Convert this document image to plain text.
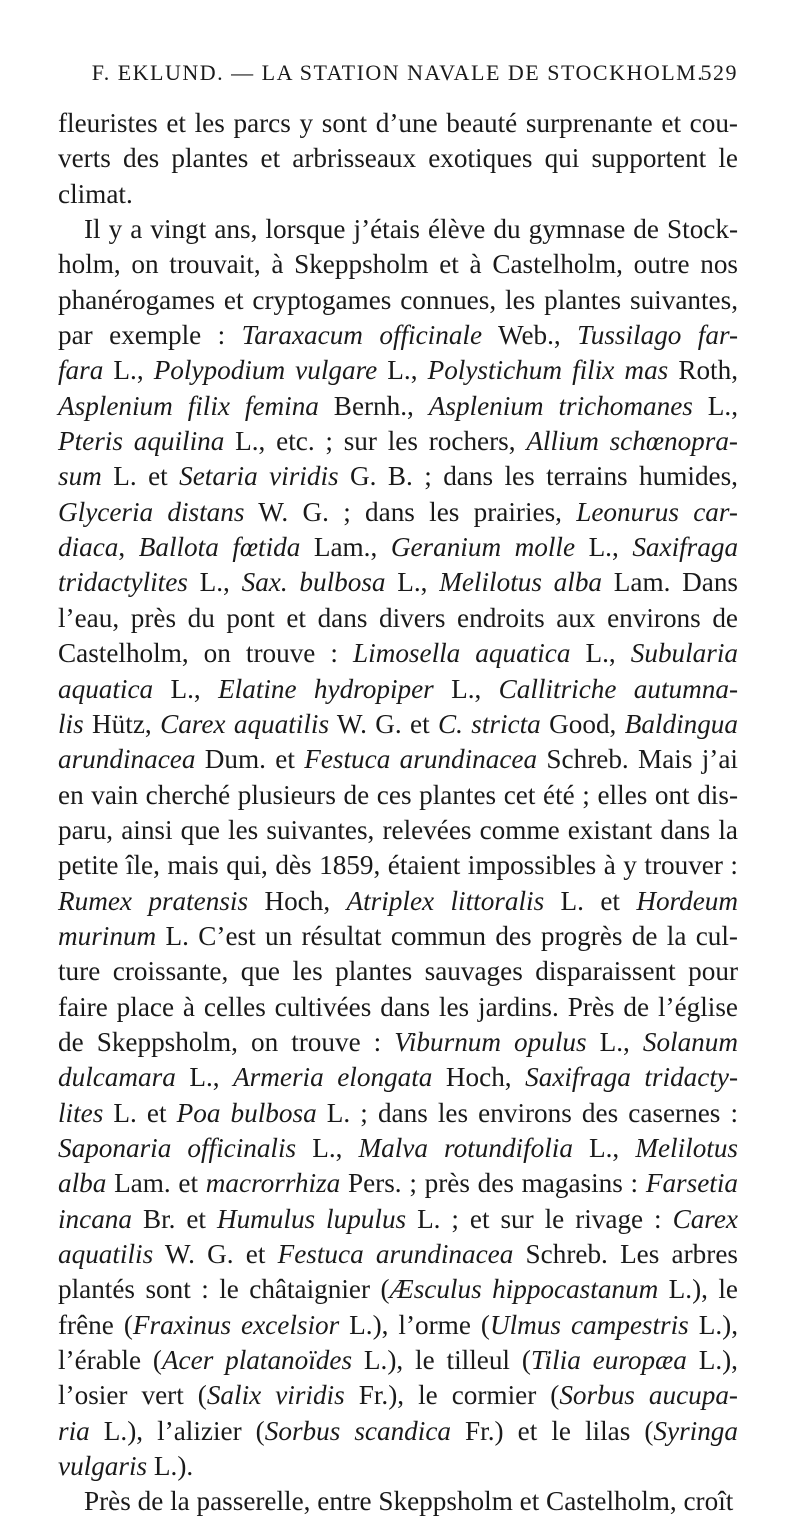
F. EKLUND. — LA STATION NAVALE DE STOCKHOLM.
529
fleuristes et les parcs y sont d’une beauté surprenante et cou-
verts des plantes et arbrisseaux exotiques qui supportent le
climat.
Il y a vingt ans, lorsque j’étais élève du gymnase de Stock-
holm, on trouvait, à Skeppsholm et à Castelholm, outre nos
phanérogames et cryptogames connues, les plantes suivantes,
par exemple : Taraxacum officinale Web., Tussilago far-
fara L., Polypodium vulgare L., Polystichum filix mas Roth,
Asplenium filix femina Bernh., Asplenium trichomanes L.,
Pteris aquilina L., etc. ; sur les rochers, Allium schœnopra-
sum L. et Setaria viridis G. B. ; dans les terrains humides,
Glyceria distans W. G. ; dans les prairies, Leonurus car-
diaca, Ballota fœtida Lam., Geranium molle L., Saxifraga
tridactylites L., Sax. bulbosa L., Melilotus alba Lam. Dans
l’eau, près du pont et dans divers endroits aux environs de
Castelholm, on trouve : Limosella aquatica L., Subularia
aquatica L., Elatine hydropiper L., Callitriche autumna-
lis Hütz, Carex aquatilis W. G. et C. stricta Good, Baldingua
arundinacea Dum. et Festuca arundinacea Schreb. Mais j’ai
en vain cherché plusieurs de ces plantes cet été ; elles ont dis-
paru, ainsi que les suivantes, relevées comme existant dans la
petite île, mais qui, dès 1859, étaient impossibles à y trouver :
Rumex pratensis Hoch, Atriplex littoralis L. et Hordeum
murinum L. C’est un résultat commun des progrès de la cul-
ture croissante, que les plantes sauvages disparaissent pour
faire place à celles cultivées dans les jardins. Près de l’église
de Skeppsholm, on trouve : Viburnum opulus L., Solanum
dulcamara L., Armeria elongata Hoch, Saxifraga tridacty-
lites L. et Poa bulbosa L. ; dans les environs des casernes :
Saponaria officinalis L., Malva rotundifolia L., Melilotus
alba Lam. et macrorrhiza Pers. ; près des magasins : Farsetia
incana Br. et Humulus lupulus L. ; et sur le rivage : Carex
aquatilis W. G. et Festuca arundinacea Schreb. Les arbres
plantés sont : le châtaignier (Æsculus hippocastanum L.), le
frêne (Fraxinus excelsior L.), l’orme (Ulmus campestris L.),
l’érable (Acer platanoïdes L.), le tilleul (Tilia europæa L.),
l’osier vert (Salix viridis Fr.), le cormier (Sorbus aucupa-
ria L.), l’alizier (Sorbus scandica Fr.) et le lilas (Syringa
vulgaris L.).
Près de la passerelle, entre Skeppsholm et Castelholm, croît
